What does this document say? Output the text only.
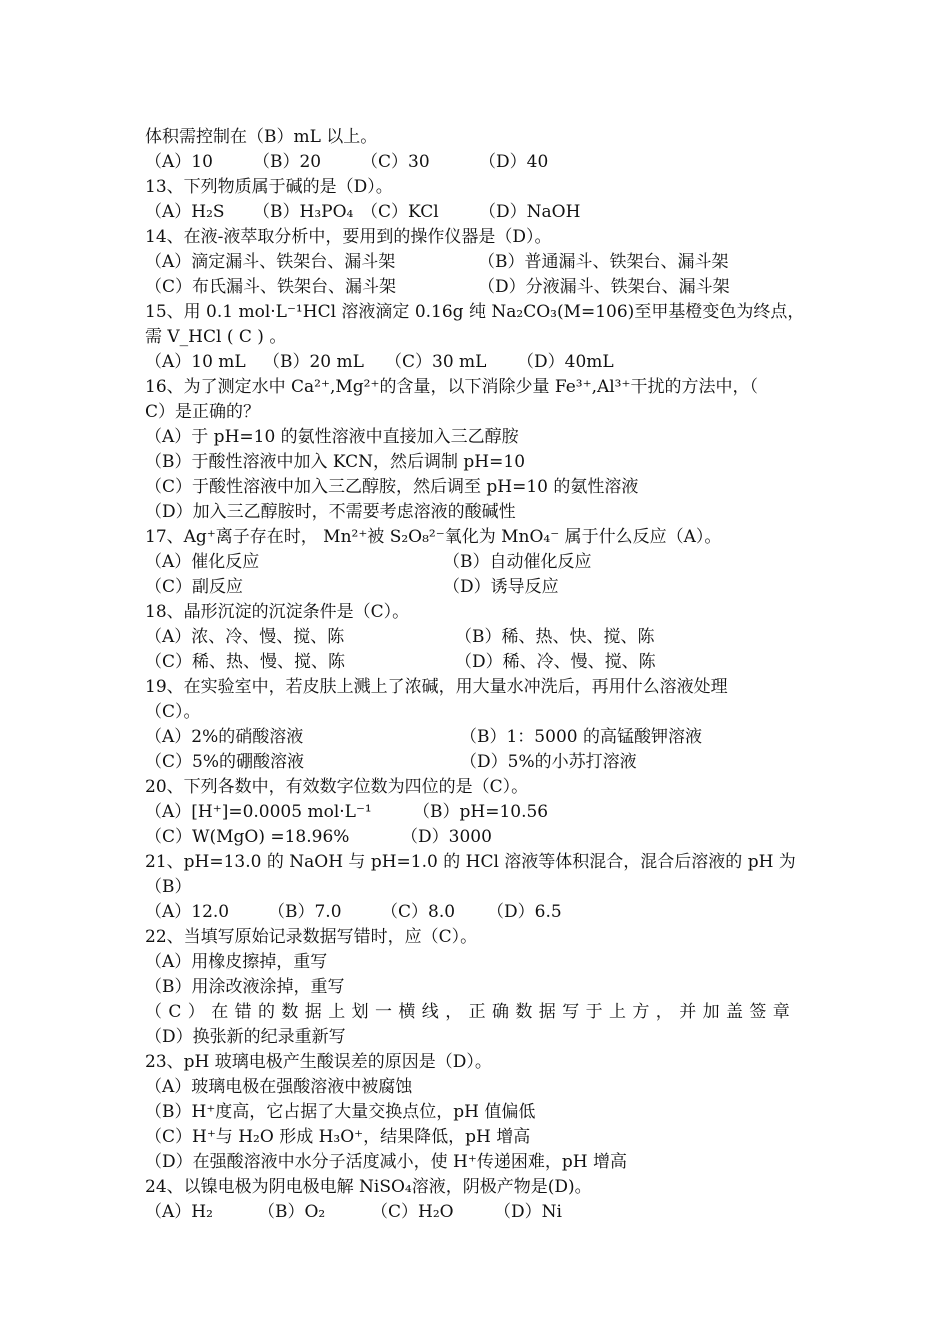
体积需控制在（B）mL 以上。
（A）10 （B）20 （C）30	（D）40
13、下列物质属于碱的是（D）。
（A）H₂S （B）H₃PO₄ （C）KCl （D）NaOH
14、在液-液萃取分析中，要用到的操作仪器是（D）。
（A）滴定漏斗、铁架台、漏斗架	（B）普通漏斗、铁架台、漏斗架
（C）布氏漏斗、铁架台、漏斗架	（D）分液漏斗、铁架台、漏斗架
15、用 0.1 mol·L⁻¹HCl 溶液滴定 0.16g 纯 Na₂CO₃(M=106)至甲基橙变色为终点，
需 V_HCl ( C ) 。
（A）10 mL （B）20 mL （C）30 mL （D）40mL
16、为了测定水中 Ca²⁺,Mg²⁺的含量，以下消除少量 Fe³⁺,Al³⁺干扰的方法中，（
C）是正确的？
（A）于 pH=10 的氨性溶液中直接加入三乙醇胺
（B）于酸性溶液中加入 KCN，然后调制 pH=10
（C）于酸性溶液中加入三乙醇胺，然后调至 pH=10 的氨性溶液
（D）加入三乙醇胺时，不需要考虑溶液的酸碱性
17、Ag⁺离子存在时， Mn²⁺被 S₂O₈²⁻氧化为 MnO₄⁻ 属于什么反应（A）。
（A）催化反应	（B）自动催化反应
（C）副反应	（D）诱导反应
18、晶形沉淀的沉淀条件是（C）。
（A）浓、冷、慢、搅、陈	（B）稀、热、快、搅、陈
（C）稀、热、慢、搅、陈	（D）稀、冷、慢、搅、陈
19、在实验室中，若皮肤上溅上了浓碱，用大量水冲洗后，再用什么溶液处理
（C）。
（A）2%的硝酸溶液	（B）1：5000 的高锰酸钾溶液
（C）5%的硼酸溶液	（D）5%的小苏打溶液
20、下列各数中，有效数字位数为四位的是（C）。
（A）[H⁺]=0.0005 mol·L⁻¹ （B）pH=10.56
（C）W(MgO) =18.96%	（D）3000
21、pH=13.0 的 NaOH 与 pH=1.0 的 HCl 溶液等体积混合，混合后溶液的 pH 为
（B）
（A）12.0 （B）7.0 （C）8.0 （D）6.5
22、当填写原始记录数据写错时，应（C）。
（A）用橡皮擦掉，重写
（B）用涂改液涂掉，重写
（C）在错的数据上划一横线，正确数据写于上方，并加盖签章
（D）换张新的纪录重新写
23、pH 玻璃电极产生酸误差的原因是（D）。
（A）玻璃电极在强酸溶液中被腐蚀
（B）H⁺度高，它占据了大量交换点位，pH 值偏低
（C）H⁺与 H₂O 形成 H₃O⁺，结果降低，pH 增高
（D）在强酸溶液中水分子活度减小，使 H⁺传递困难，pH 增高
24、以镍电极为阴电极电解 NiSO₄溶液，阴极产物是(D)。
（A）H₂	（B）O₂	（C）H₂O （D）Ni
